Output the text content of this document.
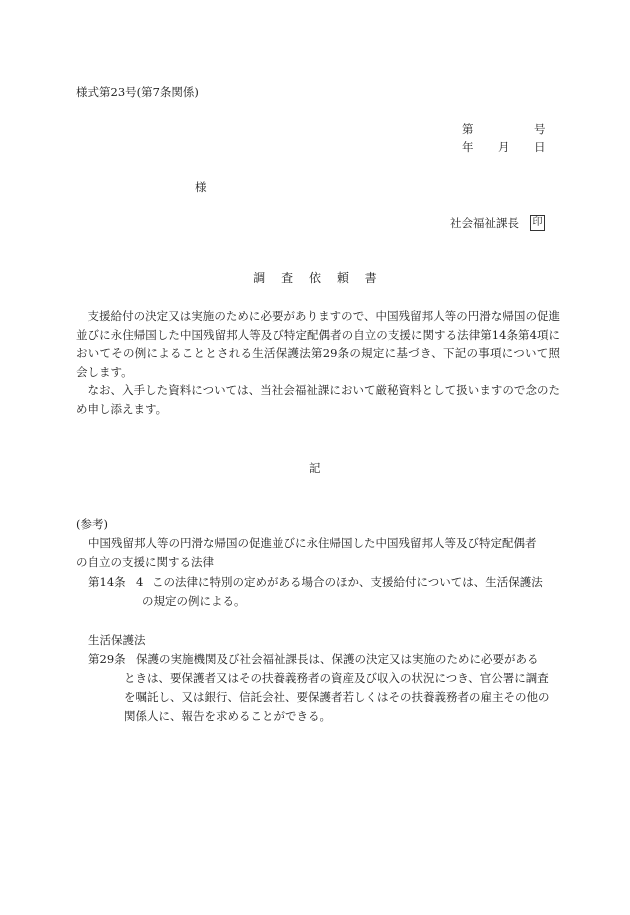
様式第23号(第7条関係)
第	号
年 月 日
様
社会福祉課長 印
調 査 依 頼 書
支援給付の決定又は実施のために必要がありますので、中国残留邦人等の円滑な帰国の促進並びに永住帰国した中国残留邦人等及び特定配偶者の自立の支援に関する法律第14条第4項においてその例によることとされる生活保護法第29条の規定に基づき、下記の事項について照会します。
なお、入手した資料については、当社会福祉課において厳秘資料として扱いますので念のため申し添えます。
記
(参考)
中国残留邦人等の円滑な帰国の促進並びに永住帰国した中国残留邦人等及び特定配偶者
の自立の支援に関する法律
第14条 4 この法律に特別の定めがある場合のほか、支援給付については、生活保護法
の規定の例による。
生活保護法
第29条 保護の実施機関及び社会福祉課長は、保護の決定又は実施のために必要がある
ときは、要保護者又はその扶養義務者の資産及び収入の状況につき、官公署に調査
を嘱託し、又は銀行、信託会社、要保護者若しくはその扶養義務者の雇主その他の
関係人に、報告を求めることができる。
